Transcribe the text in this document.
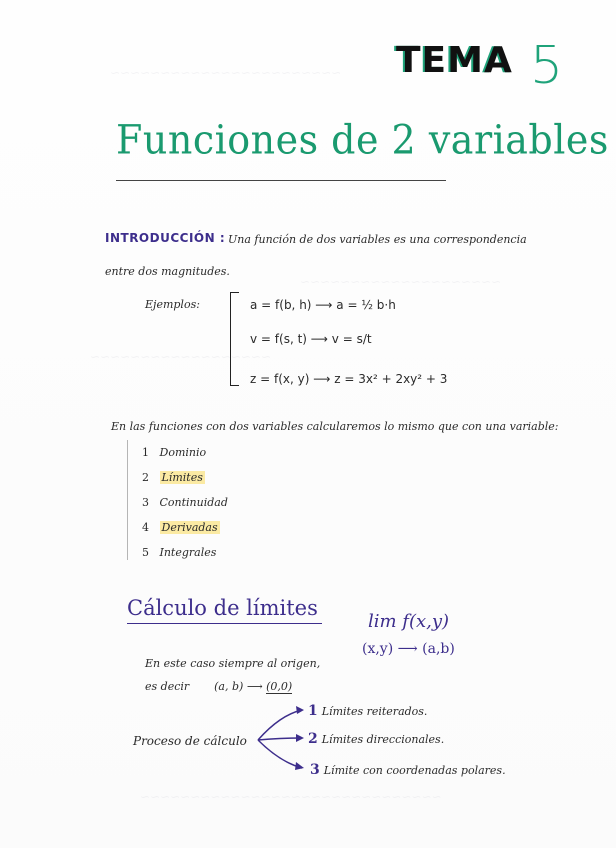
~~~~~~~~~~~~~~~~~~~~~~~
~~~~~~~~~~~~~~~~~~~~
~~~~~~~~~~~~~~~~~~
~~~~~~~~~~~~~~~~~~~~~~~~~~~~~~
TEMA 5
Funciones de 2 variables
INTRODUCCIÓN : Una función de dos variables es una correspondencia
entre dos magnitudes.
Ejemplos:	a = f(b, h) ⟶ a = ½ b·h
v = f(s, t) ⟶ v = s/t
z = f(x, y) ⟶ z = 3x² + 2xy² + 3
En las funciones con dos variables calcularemos lo mismo que con una variable:
1 Dominio
2 Límites
3 Continuidad
4 Derivadas
5 Integrales
Cálculo de límites
lim f(x,y)
(x,y) ⟶ (a,b)
En este caso siempre al origen,
es decir (a, b) ⟶ (0,0)
Proceso de cálculo
1 Límites reiterados.
2 Límites direccionales.
3 Límite con coordenadas polares.
